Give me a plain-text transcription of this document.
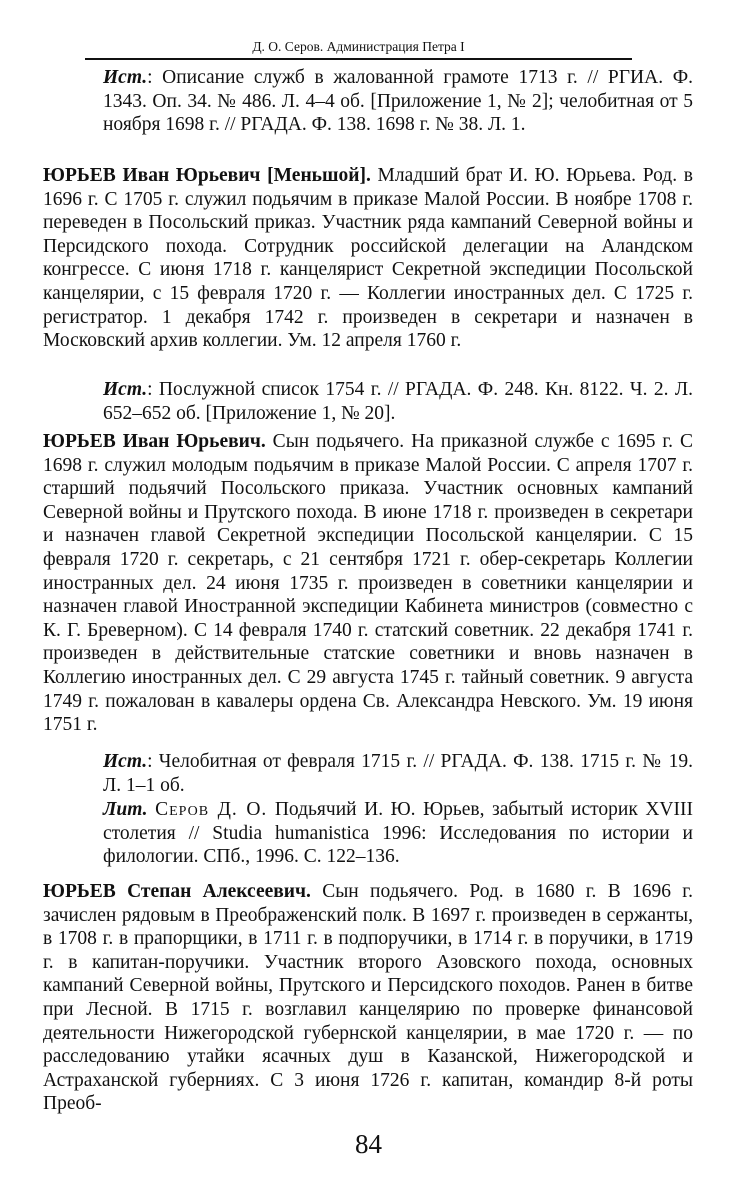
Д. О. Серов. Администрация Петра I

Ист.: Описание служб в жалованной грамоте 1713 г. // РГИА. Ф. 1343. Оп. 34. № 486. Л. 4–4 об. [Приложение 1, № 2]; челобитная от 5 ноября 1698 г. // РГАДА. Ф. 138. 1698 г. № 38. Л. 1.

ЮРЬЕВ Иван Юрьевич [Меньшой]. Младший брат И. Ю. Юрьева. Род. в 1696 г. С 1705 г. служил подьячим в приказе Малой России. В ноябре 1708 г. переведен в Посольский приказ. Участник ряда кампаний Северной войны и Персидского похода. Сотрудник российской делегации на Аландском конгрессе. С июня 1718 г. канцелярист Секретной экспедиции Посольской канцелярии, с 15 февраля 1720 г. — Коллегии иностранных дел. С 1725 г. регистратор. 1 декабря 1742 г. произведен в секретари и назначен в Московский архив коллегии. Ум. 12 апреля 1760 г.

Ист.: Послужной список 1754 г. // РГАДА. Ф. 248. Кн. 8122. Ч. 2. Л. 652–652 об. [Приложение 1, № 20].

ЮРЬЕВ Иван Юрьевич. Сын подьячего. На приказной службе с 1695 г. С 1698 г. служил молодым подьячим в приказе Малой России. С апреля 1707 г. старший подьячий Посольского приказа. Участник основных кампаний Северной войны и Прутского похода. В июне 1718 г. произведен в секретари и назначен главой Секретной экспедиции Посольской канцелярии. С 15 февраля 1720 г. секретарь, с 21 сентября 1721 г. обер-секретарь Коллегии иностранных дел. 24 июня 1735 г. произведен в советники канцелярии и назначен главой Иностранной экспедиции Кабинета министров (совместно с К. Г. Бреверном). С 14 февраля 1740 г. статский советник. 22 декабря 1741 г. произведен в действительные статские советники и вновь назначен в Коллегию иностранных дел. С 29 августа 1745 г. тайный советник. 9 августа 1749 г. пожалован в кавалеры ордена Св. Александра Невского. Ум. 19 июня 1751 г.

Ист.: Челобитная от февраля 1715 г. // РГАДА. Ф. 138. 1715 г. № 19. Л. 1–1 об.

Лит. Серов Д. О. Подьячий И. Ю. Юрьев, забытый историк XVIII столетия // Studia humanistica 1996: Исследования по истории и филологии. СПб., 1996. С. 122–136.

ЮРЬЕВ Степан Алексеевич. Сын подьячего. Род. в 1680 г. В 1696 г. зачислен рядовым в Преображенский полк. В 1697 г. произведен в сержанты, в 1708 г. в прапорщики, в 1711 г. в подпоручики, в 1714 г. в поручики, в 1719 г. в капитан-поручики. Участник второго Азовского похода, основных кампаний Северной войны, Прутского и Персидского походов. Ранен в битве при Лесной. В 1715 г. возглавил канцелярию по проверке финансовой деятельности Нижегородской губернской канцелярии, в мае 1720 г. — по расследованию утайки ясачных душ в Казанской, Нижегородской и Астраханской губерниях. С 3 июня 1726 г. капитан, командир 8-й роты Преоб-

84
